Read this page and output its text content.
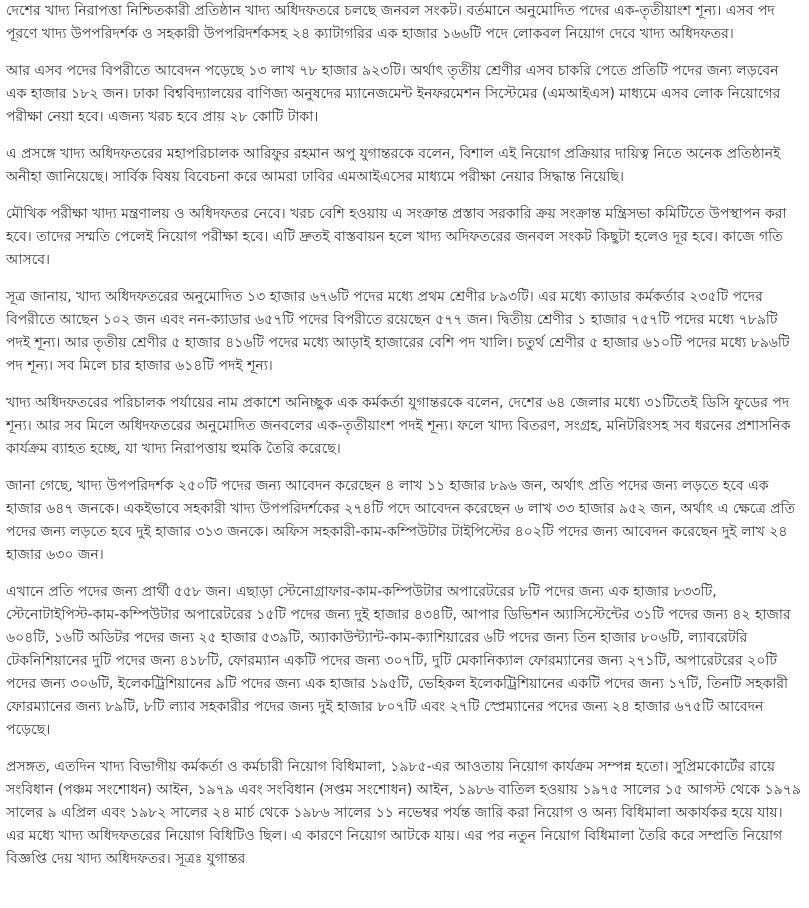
দেশের খাদ্য নিরাপত্তা নিশ্চিতকারী প্রতিষ্ঠান খাদ্য অধিদফতরে চলছে জনবল সংকট। বর্তমানে অনুমোদিত পদের এক-তৃতীয়াংশ শূন্য। এসব পদ পূরণে খাদ্য উপপরিদর্শক ও সহকারী উপপরিদর্শকসহ ২৪ ক্যাটাগরির এক হাজার ১৬৬টি পদে লোকবল নিয়োগ দেবে খাদ্য অধিদফতর।

আর এসব পদের বিপরীতে আবেদন পড়েছে ১৩ লাখ ৭৮ হাজার ৯২৩টি। অর্থাৎ তৃতীয় শ্রেণীর এসব চাকরি পেতে প্রতিটি পদের জন্য লড়বেন এক হাজার ১৮২ জন। ঢাকা বিশ্ববিদ্যালয়ের বাণিজ্য অনুষদের ম্যানেজমেন্ট ইনফরমেশন সিস্টেমের (এমআইএস) মাধ্যমে এসব লোক নিয়োগের পরীক্ষা নেয়া হবে। এজন্য খরচ হবে প্রায় ২৮ কোটি টাকা।

এ প্রসঙ্গে খাদ্য অধিদফতরের মহাপরিচালক আরিফুর রহমান অপু যুগান্তরকে বলেন, বিশাল এই নিয়োগ প্রক্রিয়ার দায়িত্ব নিতে অনেক প্রতিষ্ঠানই অনীহা জানিয়েছে। সার্বিক বিষয় বিবেচনা করে আমরা ঢাবির এমআইএসের মাধ্যমে পরীক্ষা নেয়ার সিদ্ধান্ত নিয়েছি।

মৌখিক পরীক্ষা খাদ্য মন্ত্রণালয় ও অধিদফতর নেবে। খরচ বেশি হওয়ায় এ সংক্রান্ত প্রস্তাব সরকারি ক্রয় সংক্রান্ত মন্ত্রিসভা কমিটিতে উপস্থাপন করা হবে। তাদের সম্মতি পেলেই নিয়োগ পরীক্ষা হবে। এটি দ্রুতই বাস্তবায়ন হলে খাদ্য অদিফতরের জনবল সংকট কিছুটা হলেও দূর হবে। কাজে গতি আসবে।

সূত্র জানায়, খাদ্য অধিদফতরের অনুমোদিত ১৩ হাজার ৬৭৬টি পদের মধ্যে প্রথম শ্রেণীর ৮৯৩টি। এর মধ্যে ক্যাডার কর্মকর্তার ২৩৫টি পদের বিপরীতে আছেন ১০২ জন এবং নন-ক্যাডার ৬৫৭টি পদের বিপরীতে রয়েছেন ৫৭৭ জন। দ্বিতীয় শ্রেণীর ১ হাজার ৭৫৭টি পদের মধ্যে ৭৮৯টি পদই শূন্য। আর তৃতীয় শ্রেণীর ৫ হাজার ৪১৬টি পদের মধ্যে আড়াই হাজারের বেশি পদ খালি। চতুর্থ শ্রেণীর ৫ হাজার ৬১০টি পদের মধ্যে ৮৯৬টি পদ শূন্য। সব মিলে চার হাজার ৬১৪টি পদই শূন্য।

খাদ্য অধিদফতরের পরিচালক পর্যায়ের নাম প্রকাশে অনিচ্ছুক এক কর্মকর্তা যুগান্তরকে বলেন, দেশের ৬৪ জেলার মধ্যে ৩১টিতেই ডিসি ফুডের পদ শূন্য। আর সব মিলে অধিদফতরের অনুমোদিত জনবলের এক-তৃতীয়াংশ পদই শূন্য। ফলে খাদ্য বিতরণ, সংগ্রহ, মনিটরিংসহ সব ধরনের প্রশাসনিক কার্যক্রম ব্যাহত হচ্ছে, যা খাদ্য নিরাপত্তায় হুমকি তৈরি করেছে।

জানা গেছে, খাদ্য উপপরিদর্শক ২৫০টি পদের জন্য আবেদন করেছেন ৪ লাখ ১১ হাজার ৮৯৬ জন, অর্থাৎ প্রতি পদের জন্য লড়তে হবে এক হাজার ৬৪৭ জনকে। একইভাবে সহকারী খাদ্য উপপরিদর্শকের ২৭৪টি পদে আবেদন করেছেন ৬ লাখ ৩৩ হাজার ৯৫২ জন, অর্থাৎ এ ক্ষেত্রে প্রতি পদের জন্য লড়তে হবে দুই হাজার ৩১৩ জনকে। অফিস সহকারী-কাম-কম্পিউটার টাইপিস্টের ৪০২টি পদের জন্য আবেদন করেছেন দুই লাখ ২৪ হাজার ৬৩০ জন।

এখানে প্রতি পদের জন্য প্রার্থী ৫৫৮ জন। এছাড়া স্টেনোগ্রাফার-কাম-কম্পিউটার অপারেটরের ৮টি পদের জন্য এক হাজার ৮৩৩টি, স্টেনোটাইপিস্ট-কাম-কম্পিউটার অপারেটরের ১৫টি পদের জন্য দুই হাজার ৪৩৪টি, আপার ডিভিশন অ্যাসিস্টেন্টের ৩১টি পদের জন্য ৪২ হাজার ৬০৪টি, ১৬টি অডিটর পদের জন্য ২৫ হাজার ৫৩৯টি, অ্যাকাউন্ট্যান্ট-কাম-ক্যাশিয়ারের ৬টি পদের জন্য তিন হাজার ৮০৬টি, ল্যাবরেটরি টেকনিশিয়ানের দুটি পদের জন্য ৪১৮টি, ফোরম্যান একটি পদের জন্য ৩০৭টি, দুটি মেকানিক্যাল ফোরম্যানের জন্য ২৭১টি, অপারেটরের ২০টি পদের জন্য ৩০৬টি, ইলেকট্রিশিয়ানের ৯টি পদের জন্য এক হাজার ১৯৫টি, ভেহিকল ইলেকট্রিশিয়ানের একটি পদের জন্য ১৭টি, তিনটি সহকারী ফোরম্যানের জন্য ৮৯টি, ৮টি ল্যাব সহকারীর পদের জন্য দুই হাজার ৮০৭টি এবং ২৭টি স্প্রেম্যানের পদের জন্য ২৪ হাজার ৬৭৫টি আবেদন পড়েছে।

প্রসঙ্গত, এতদিন খাদ্য বিভাগীয় কর্মকর্তা ও কর্মচারী নিয়োগ বিধিমালা, ১৯৮৫-এর আওতায় নিয়োগ কার্যক্রম সম্পন্ন হতো। সুপ্রিমকোর্টের রায়ে সংবিধান (পঞ্চম সংশোধন) আইন, ১৯৭৯ এবং সংবিধান (সপ্তম সংশোধন) আইন, ১৯৮৬ বাতিল হওয়ায় ১৯৭৫ সালের ১৫ আগস্ট থেকে ১৯৭৯ সালের ৯ এপ্রিল এবং ১৯৮২ সালের ২৪ মার্চ থেকে ১৯৮৬ সালের ১১ নভেম্বর পর্যন্ত জারি করা নিয়োগ ও অন্য বিধিমালা অকার্যকর হয়ে যায়। এর মধ্যে খাদ্য অধিদফতরের নিয়োগ বিধিটিও ছিল। এ কারণে নিয়োগ আটকে যায়। এর পর নতুন নিয়োগ বিধিমালা তৈরি করে সম্প্রতি নিয়োগ বিজ্ঞপ্তি দেয় খাদ্য অধিদফতর। সূত্রঃ যুগান্তর
